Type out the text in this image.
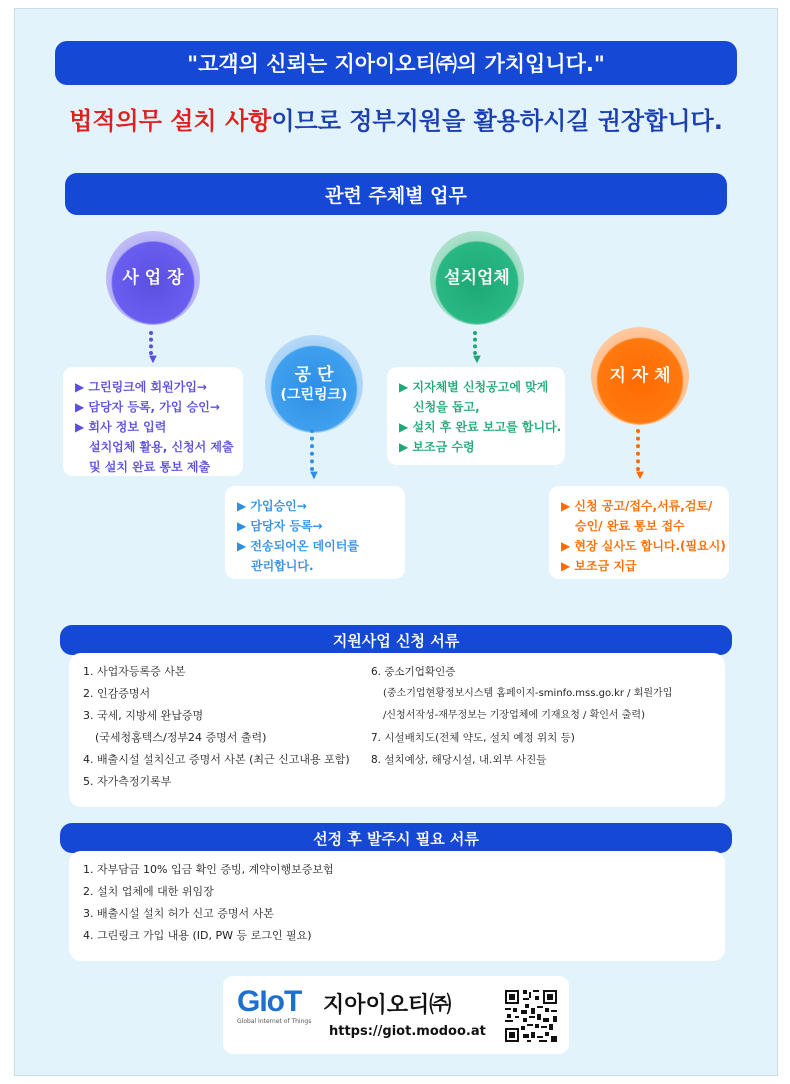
"고객의 신뢰는 지아이오티㈜의 가치입니다."
법적의무 설치 사항이므로 정부지원을 활용하시길 권장합니다.
관련 주체별 업무
사 업 장
▼
▶ 그린링크에 회원가입→
▶ 담당자 등록, 가입 승인→
▶ 회사 정보 입력
설치업체 활용, 신청서 제출
및 설치 완료 통보 제출
공 단
(그린링크)
▼
▶ 가입승인→
▶ 담당자 등록→
▶ 전송되어온 데이터를
관리합니다.
설치업체
▼
▶ 지자체별 신청공고에 맞게
신청을 돕고,
▶ 설치 후 완료 보고를 합니다.
▶ 보조금 수령
지 자 체
▼
▶ 신청 공고/접수,서류,검토/
승인/ 완료 통보 접수
▶ 현장 실사도 합니다.(필요시)
▶ 보조금 지급
지원사업 신청 서류
1. 사업자등록증 사본
2. 인감증명서
3. 국세, 지방세 완납증명
(국세청홈텍스/정부24 증명서 출력)
4. 배출시설 설치신고 증명서 사본 (최근 신고내용 포함)
5. 자가측정기록부
6. 중소기업확인증
(중소기업현황정보시스템 홈페이지-sminfo.mss.go.kr / 회원가입
/신청서작성-재무정보는 기장업체에 기재요청 / 확인서 출력)
7. 시설배치도(전체 약도, 설치 예정 위치 등)
8. 설치예상, 해당시설, 내.외부 사진들
선정 후 발주시 필요 서류
1. 자부담금 10% 입금 확인 증빙, 계약이행보증보험
2. 설치 업체에 대한 위임장
3. 배출시설 설치 허가 신고 증명서 사본
4. 그린링크 가입 내용 (ID, PW 등 로그인 필요)
GIoT
Global Internet of Things
지아이오티㈜
https://giot.modoo.at
